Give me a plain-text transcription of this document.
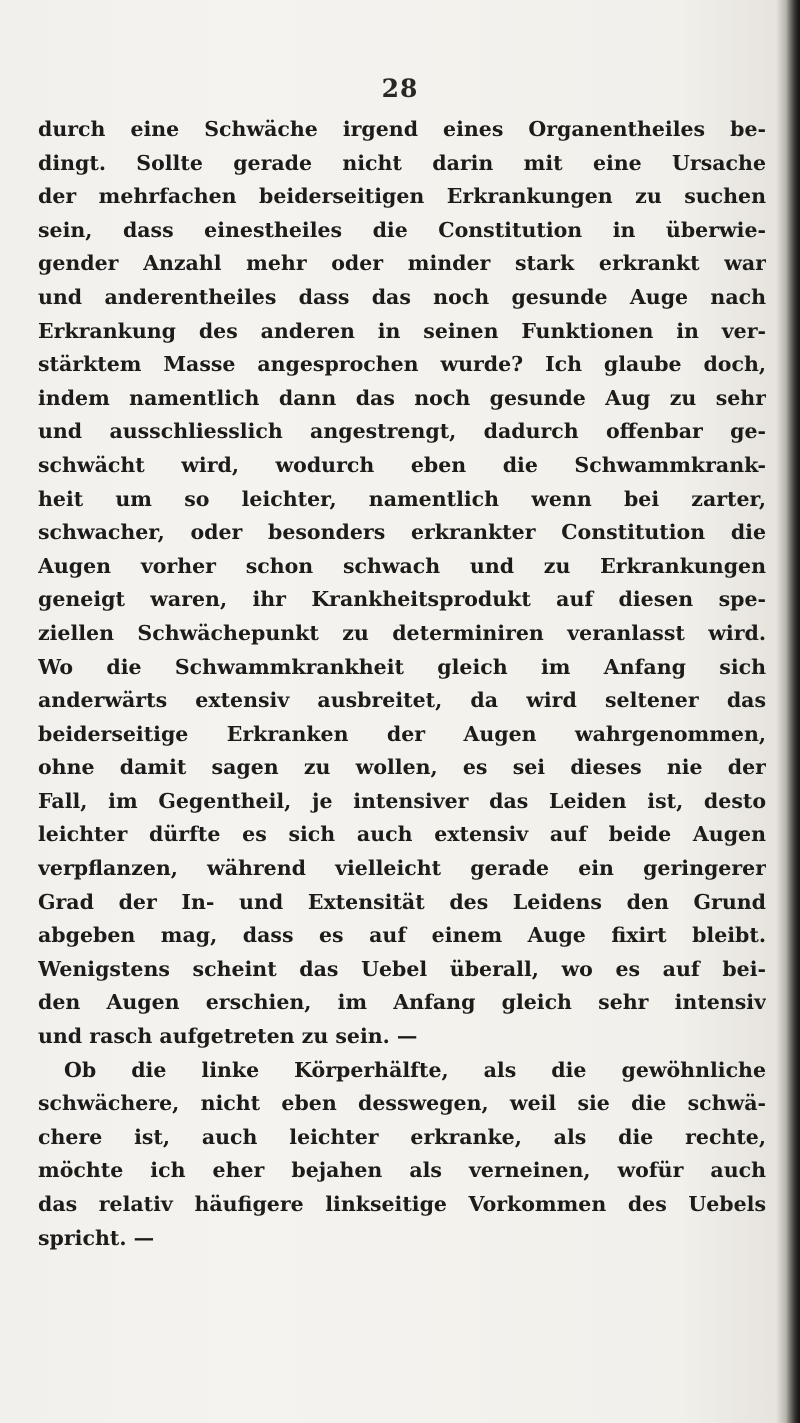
28
durch eine Schwäche irgend eines Organentheiles be-
dingt. Sollte gerade nicht darin mit eine Ursache
der mehrfachen beiderseitigen Erkrankungen zu suchen
sein, dass einestheiles die Constitution in überwie-
gender Anzahl mehr oder minder stark erkrankt war
und anderentheiles dass das noch gesunde Auge nach
Erkrankung des anderen in seinen Funktionen in ver-
stärktem Masse angesprochen wurde? Ich glaube doch,
indem namentlich dann das noch gesunde Aug zu sehr
und ausschliesslich angestrengt, dadurch offenbar ge-
schwächt wird, wodurch eben die Schwammkrank-
heit um so leichter, namentlich wenn bei zarter,
schwacher, oder besonders erkrankter Constitution die
Augen vorher schon schwach und zu Erkrankungen
geneigt waren, ihr Krankheitsprodukt auf diesen spe-
ziellen Schwächepunkt zu determiniren veranlasst wird.
Wo die Schwammkrankheit gleich im Anfang sich
anderwärts extensiv ausbreitet, da wird seltener das
beiderseitige Erkranken der Augen wahrgenommen,
ohne damit sagen zu wollen, es sei dieses nie der
Fall, im Gegentheil, je intensiver das Leiden ist, desto
leichter dürfte es sich auch extensiv auf beide Augen
verpflanzen, während vielleicht gerade ein geringerer
Grad der In- und Extensität des Leidens den Grund
abgeben mag, dass es auf einem Auge fixirt bleibt.
Wenigstens scheint das Uebel überall, wo es auf bei-
den Augen erschien, im Anfang gleich sehr intensiv
und rasch aufgetreten zu sein. —
Ob die linke Körperhälfte, als die gewöhnliche
schwächere, nicht eben desswegen, weil sie die schwä-
chere ist, auch leichter erkranke, als die rechte,
möchte ich eher bejahen als verneinen, wofür auch
das relativ häufigere linkseitige Vorkommen des Uebels
spricht. —
